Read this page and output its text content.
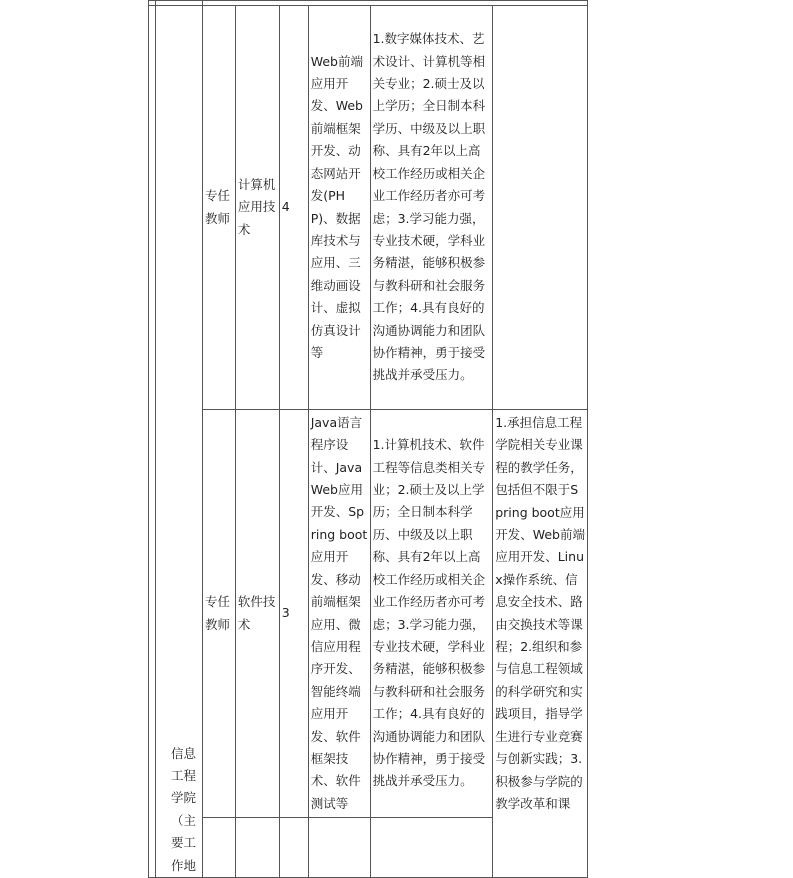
	信息工程学院（主要工作地	专任教师	计算机应用技术	4	Web前端应用开发、Web前端框架开发、动态网站开发(PHP)、数据库技术与应用、三维动画设计、虚拟仿真设计等	1.数字媒体技术、艺术设计、计算机等相关专业；2.硕士及以上学历；全日制本科学历、中级及以上职称、具有2年以上高校工作经历或相关企业工作经历者亦可考虑；3.学习能力强，专业技术硬，学科业务精湛，能够积极参与教科研和社会服务工作；4.具有良好的沟通协调能力和团队协作精神，勇于接受挑战并承受压力。	
		专任教师	软件技术	3	Java语言程序设计、JavaWeb应用开发、Spring boot应用开发、移动前端框架应用、微信应用程序开发、智能终端应用开发、软件框架技术、软件测试等	1.计算机技术、软件工程等信息类相关专业；2.硕士及以上学历；全日制本科学历、中级及以上职称、具有2年以上高校工作经历或相关企业工作经历者亦可考虑；3.学习能力强，专业技术硬，学科业务精湛，能够积极参与教科研和社会服务工作；4.具有良好的沟通协调能力和团队协作精神，勇于接受挑战并承受压力。	1.承担信息工程学院相关专业课程的教学任务，包括但不限于Spring boot应用开发、Web前端应用开发、Linux操作系统、信息安全技术、路由交换技术等课程；2.组织和参与信息工程领域的科学研究和实践项目，指导学生进行专业竞赛与创新实践；3.积极参与学院的教学改革和课
